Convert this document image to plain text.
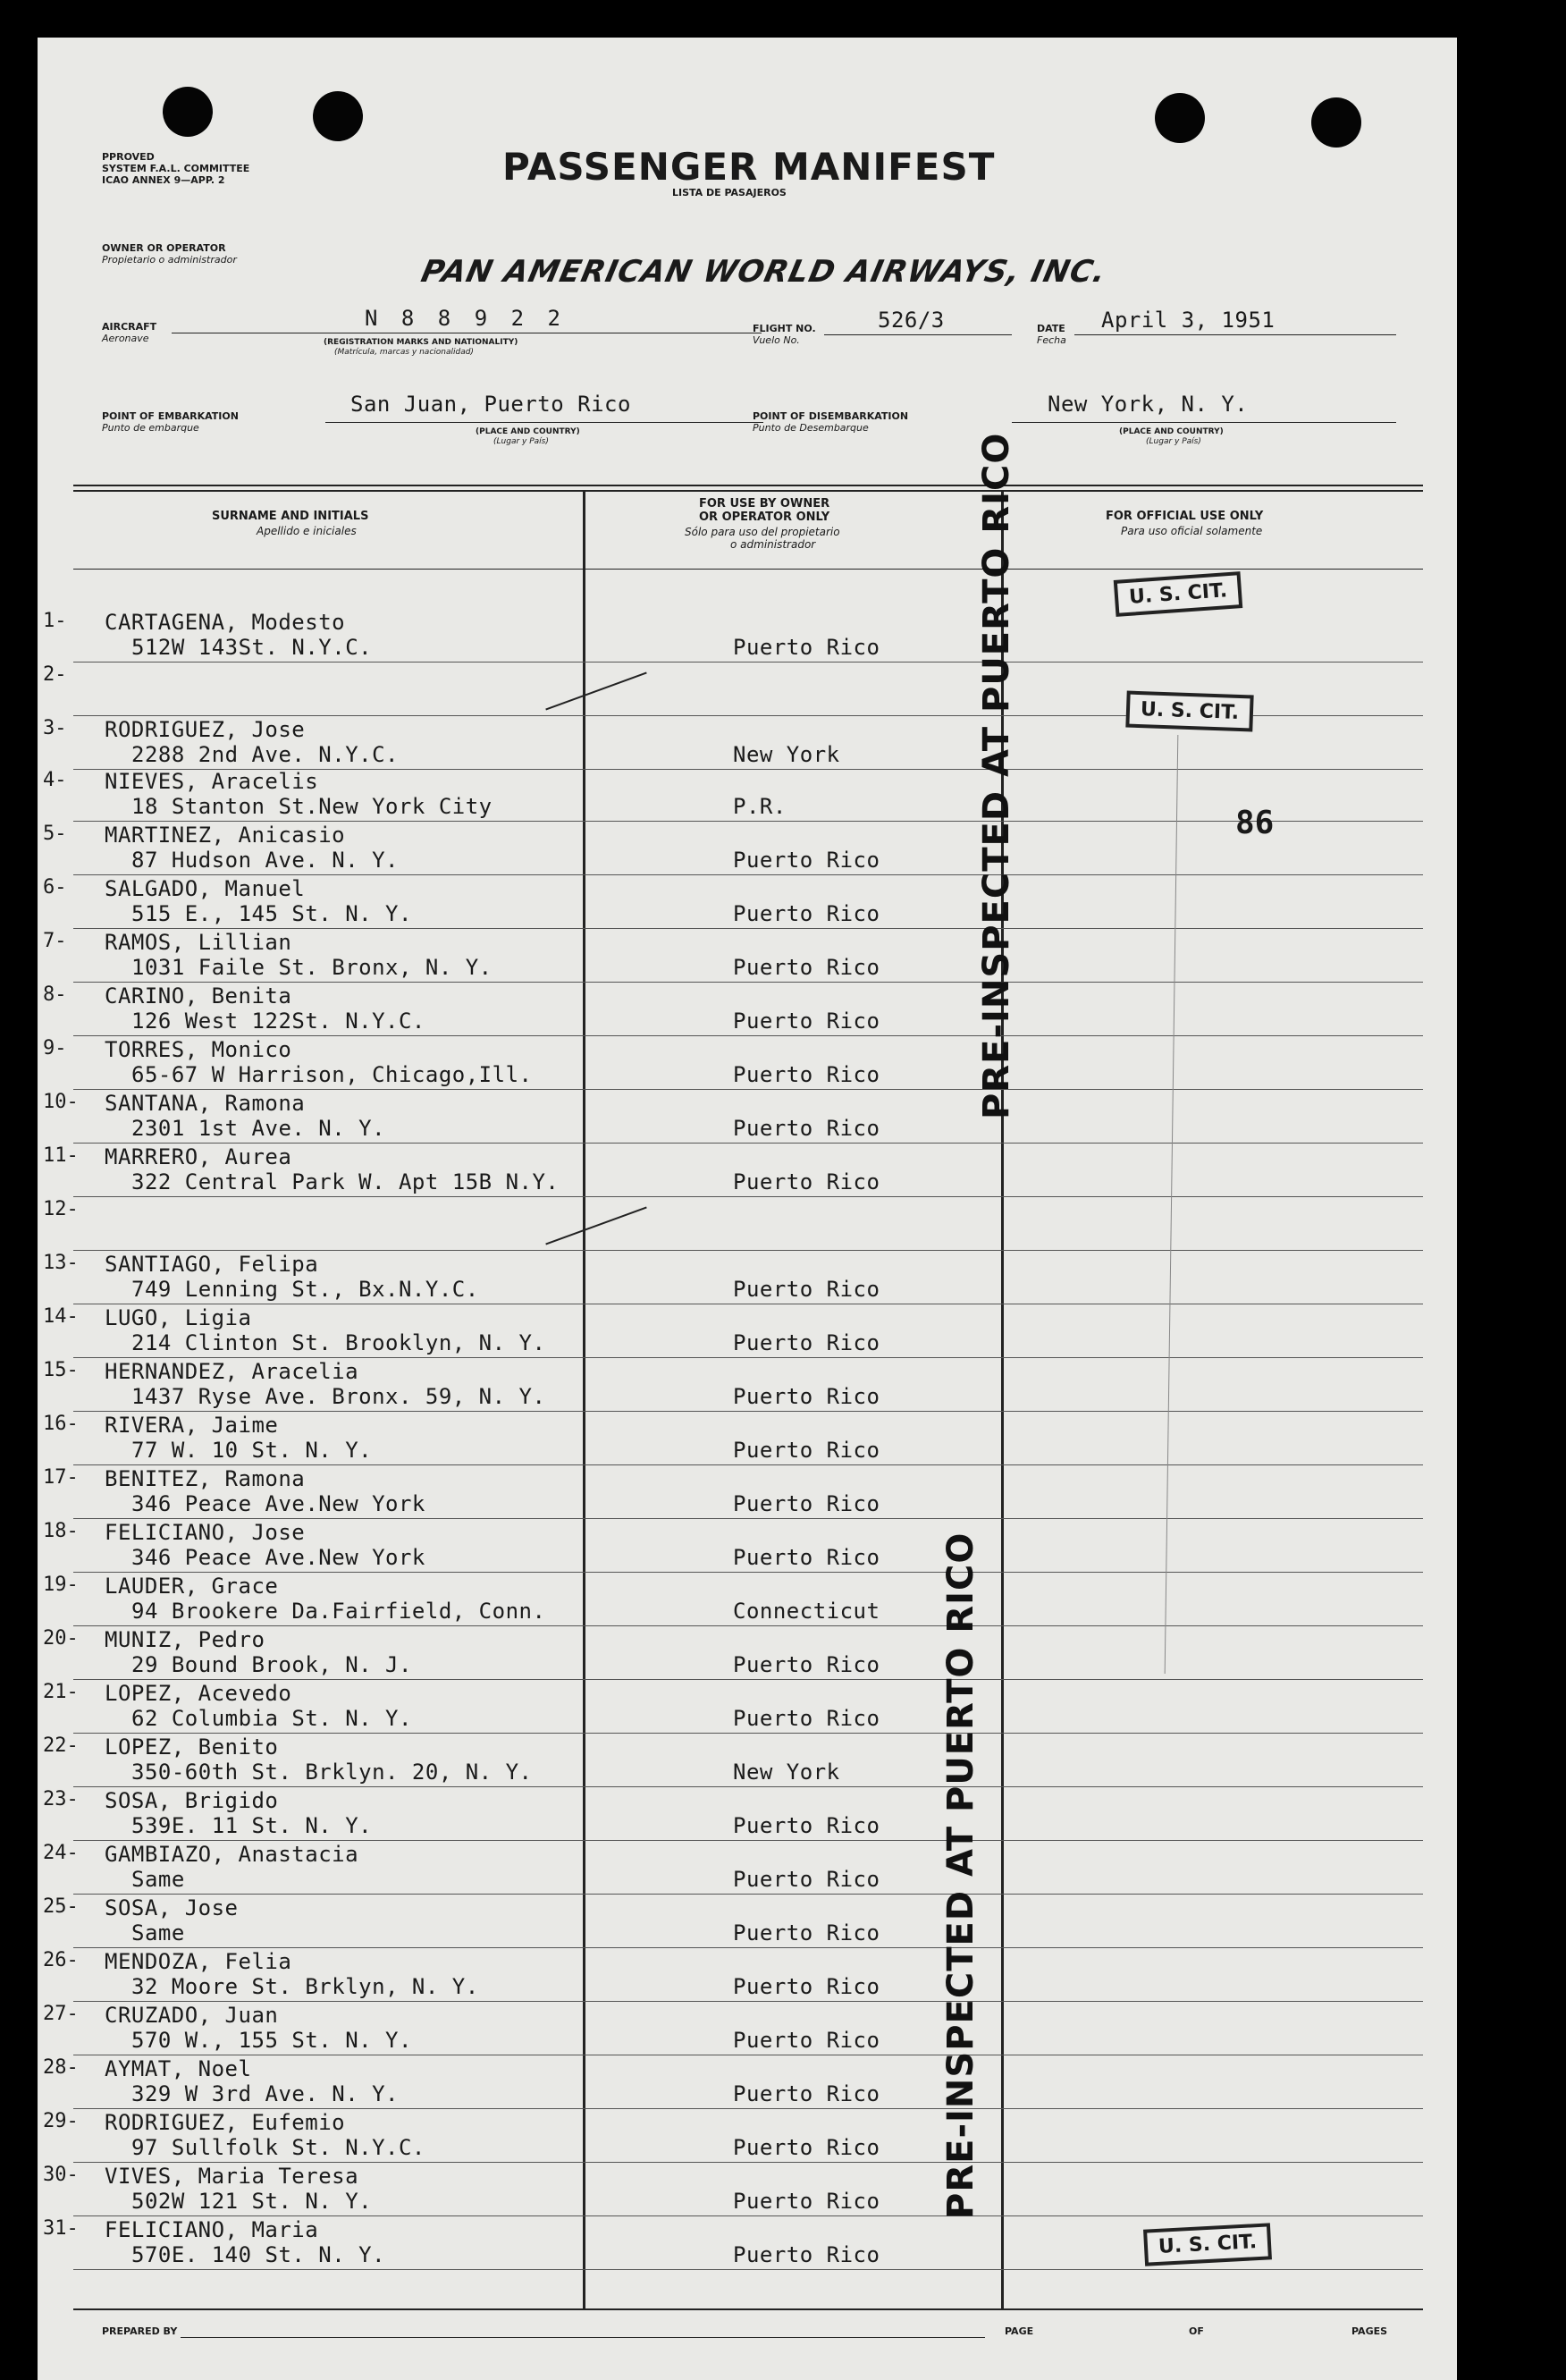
PPROVED
SYSTEM F.A.L. COMMITTEE
ICAO ANNEX 9—APP. 2	PASSENGER MANIFEST
LISTA DE PASAJEROS
OWNER OR OPERATOR
Propietario o administrador	PAN AMERICAN WORLD AIRWAYS, INC.
AIRCRAFT
Aeronave
N 8 8 9 2 2
(REGISTRATION MARKS AND NATIONALITY)
(Matrícula, marcas y nacionalidad)
FLIGHT NO.
Vuelo No.
526/3	DATE
Fecha
April 3, 1951
POINT OF EMBARKATION
Punto de embarque
San Juan, Puerto Rico
(PLACE AND COUNTRY)
(Lugar y País)
POINT OF DISEMBARKATION
Punto de Desembarque
New York, N. Y.
(PLACE AND COUNTRY)
(Lugar y País)
SURNAME AND INITIALS
Apellido e iniciales
FOR USE BY OWNER
OR OPERATOR ONLY
Sólo para uso del propietario
o administrador
FOR OFFICIAL USE ONLY
Para uso oficial solamente
1- CARTAGENA, Modesto
512W 143St. N.Y.C.	Puerto Rico
2-
3- RODRIGUEZ, Jose
2288 2nd Ave. N.Y.C.	New York
4- NIEVES, Aracelis
18 Stanton St.New York City	P.R.
5- MARTINEZ, Anicasio
87 Hudson Ave. N. Y.	Puerto Rico
6- SALGADO, Manuel
515 E., 145 St. N. Y.	Puerto Rico
7- RAMOS, Lillian
1031 Faile St. Bronx, N. Y.	Puerto Rico
8- CARINO, Benita
126 West 122St. N.Y.C.	Puerto Rico
9- TORRES, Monico
65-67 W Harrison, Chicago,Ill.	Puerto Rico
10- SANTANA, Ramona
2301 1st Ave. N. Y.	Puerto Rico
11- MARRERO, Aurea
322 Central Park W. Apt 15B N.Y.	Puerto Rico
12-
13- SANTIAGO, Felipa
749 Lenning St., Bx.N.Y.C.	Puerto Rico
14- LUGO, Ligia
214 Clinton St. Brooklyn, N. Y.	Puerto Rico
15- HERNANDEZ, Aracelia
1437 Ryse Ave. Bronx. 59, N. Y.	Puerto Rico
16- RIVERA, Jaime
77 W. 10 St. N. Y.	Puerto Rico
17- BENITEZ, Ramona
346 Peace Ave.New York	Puerto Rico
18- FELICIANO, Jose
346 Peace Ave.New York	Puerto Rico
19- LAUDER, Grace
94 Brookere Da.Fairfield, Conn.	Connecticut
20- MUNIZ, Pedro
29 Bound Brook, N. J.	Puerto Rico
21- LOPEZ, Acevedo
62 Columbia St. N. Y.	Puerto Rico
22- LOPEZ, Benito
350-60th St. Brklyn. 20, N. Y.	New York
23- SOSA, Brigido
539E. 11 St. N. Y.	Puerto Rico
24- GAMBIAZO, Anastacia
Same	Puerto Rico
25- SOSA, Jose
Same	Puerto Rico
26- MENDOZA, Felia
32 Moore St. Brklyn, N. Y.	Puerto Rico
27- CRUZADO, Juan
570 W., 155 St. N. Y.	Puerto Rico
28- AYMAT, Noel
329 W 3rd Ave. N. Y.	Puerto Rico
29- RODRIGUEZ, Eufemio
97 Sullfolk St. N.Y.C.	Puerto Rico
30- VIVES, Maria Teresa
502W 121 St. N. Y.	Puerto Rico
31- FELICIANO, Maria
570E. 140 St. N. Y.	Puerto Rico
U. S. CIT.
U. S. CIT.
U. S. CIT.
PRE-INSPECTED AT PUERTO RICO
PRE-INSPECTED AT PUERTO RICO
86
PREPARED BY	PAGE	OF	PAGES
